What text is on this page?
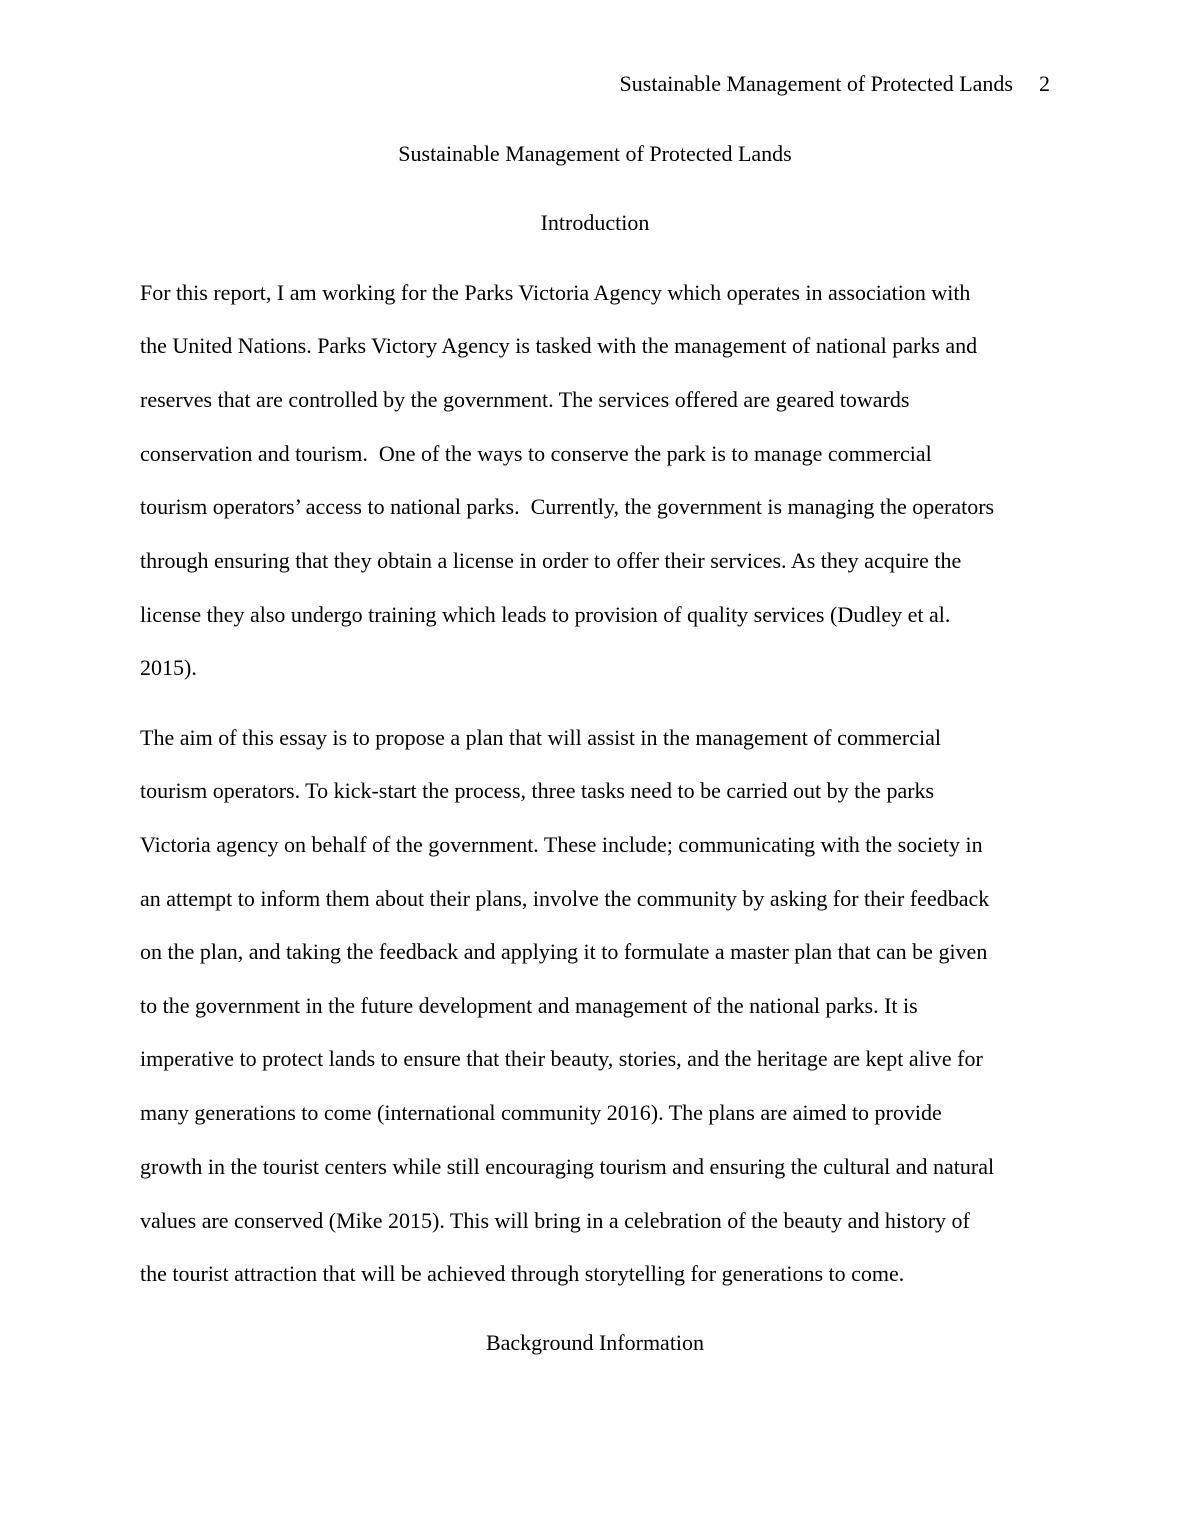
Sustainable Management of Protected Lands 2
Sustainable Management of Protected Lands
Introduction
For this report, I am working for the Parks Victoria Agency which operates in association with
the United Nations. Parks Victory Agency is tasked with the management of national parks and
reserves that are controlled by the government. The services offered are geared towards
conservation and tourism.  One of the ways to conserve the park is to manage commercial
tourism operators’ access to national parks.  Currently, the government is managing the operators
through ensuring that they obtain a license in order to offer their services. As they acquire the
license they also undergo training which leads to provision of quality services (Dudley et al.
2015).
The aim of this essay is to propose a plan that will assist in the management of commercial
tourism operators. To kick-start the process, three tasks need to be carried out by the parks
Victoria agency on behalf of the government. These include; communicating with the society in
an attempt to inform them about their plans, involve the community by asking for their feedback
on the plan, and taking the feedback and applying it to formulate a master plan that can be given
to the government in the future development and management of the national parks. It is
imperative to protect lands to ensure that their beauty, stories, and the heritage are kept alive for
many generations to come (international community 2016). The plans are aimed to provide
growth in the tourist centers while still encouraging tourism and ensuring the cultural and natural
values are conserved (Mike 2015). This will bring in a celebration of the beauty and history of
the tourist attraction that will be achieved through storytelling for generations to come.
Background Information
